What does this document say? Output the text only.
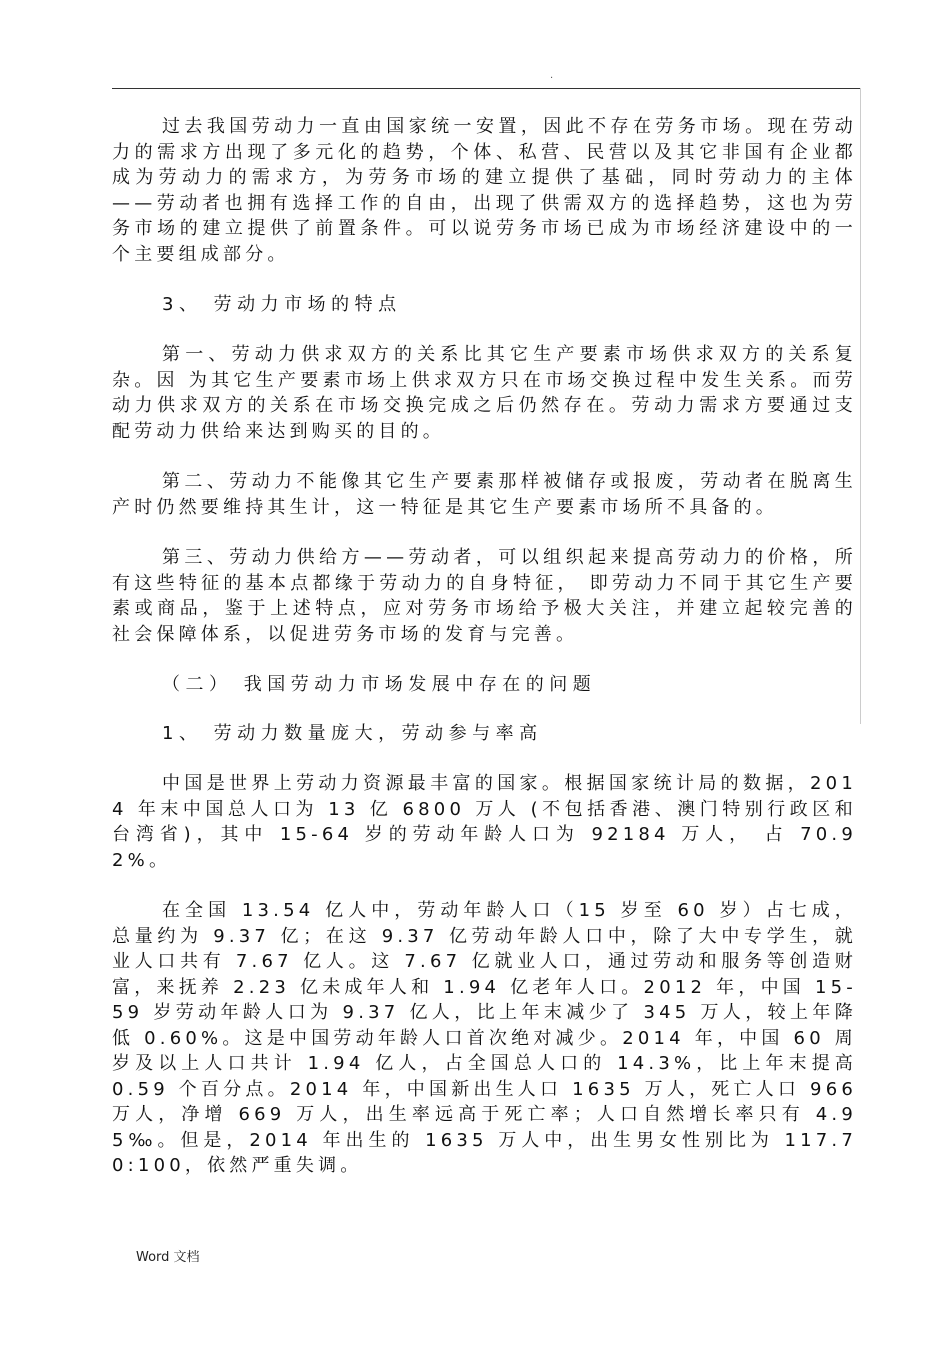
.

过去我国劳动力一直由国家统一安置，因此不存在劳务市场。现在劳动力的需求方出现了多元化的趋势，个体、私营、民营以及其它非国有企业都成为劳动力的需求方，为劳务市场的建立提供了基础，同时劳动力的主体——劳动者也拥有选择工作的自由，出现了供需双方的选择趋势，这也为劳务市场的建立提供了前置条件。可以说劳务市场已成为市场经济建设中的一个主要组成部分。

3、 劳动力市场的特点

第一、劳动力供求双方的关系比其它生产要素市场供求双方的关系复杂。因 为其它生产要素市场上供求双方只在市场交换过程中发生关系。而劳动力供求双方的关系在市场交换完成之后仍然存在。劳动力需求方要通过支配劳动力供给来达到购买的目的。

第二、劳动力不能像其它生产要素那样被储存或报废，劳动者在脱离生产时仍然要维持其生计，这一特征是其它生产要素市场所不具备的。

第三、劳动力供给方——劳动者，可以组织起来提高劳动力的价格，所有这些特征的基本点都缘于劳动力的自身特征， 即劳动力不同于其它生产要素或商品，鉴于上述特点，应对劳务市场给予极大关注，并建立起较完善的社会保障体系，以促进劳务市场的发育与完善。

（二） 我国劳动力市场发展中存在的问题

1、 劳动力数量庞大，劳动参与率高

中国是世界上劳动力资源最丰富的国家。根据国家统计局的数据，2014 年末中国总人口为 13 亿 6800 万人 (不包括香港、澳门特别行政区和台湾省)，其中 15-64 岁的劳动年龄人口为 92184 万人， 占 70.92%。

在全国 13.54 亿人中，劳动年龄人口（15 岁至 60 岁）占七成，总量约为 9.37 亿；在这 9.37 亿劳动年龄人口中，除了大中专学生，就业人口共有 7.67 亿人。这 7.67 亿就业人口，通过劳动和服务等创造财富，来抚养 2.23 亿未成年人和 1.94 亿老年人口。2012 年，中国 15-59 岁劳动年龄人口为 9.37 亿人，比上年末减少了 345 万人，较上年降低 0.60%。这是中国劳动年龄人口首次绝对减少。2014 年，中国 60 周岁及以上人口共计 1.94 亿人，占全国总人口的 14.3%，比上年末提高 0.59 个百分点。2014 年，中国新出生人口 1635 万人，死亡人口 966 万人，净增 669 万人，出生率远高于死亡率；人口自然增长率只有 4.95‰。但是，2014 年出生的 1635 万人中，出生男女性别比为 117.70:100，依然严重失调。

Word 文档
